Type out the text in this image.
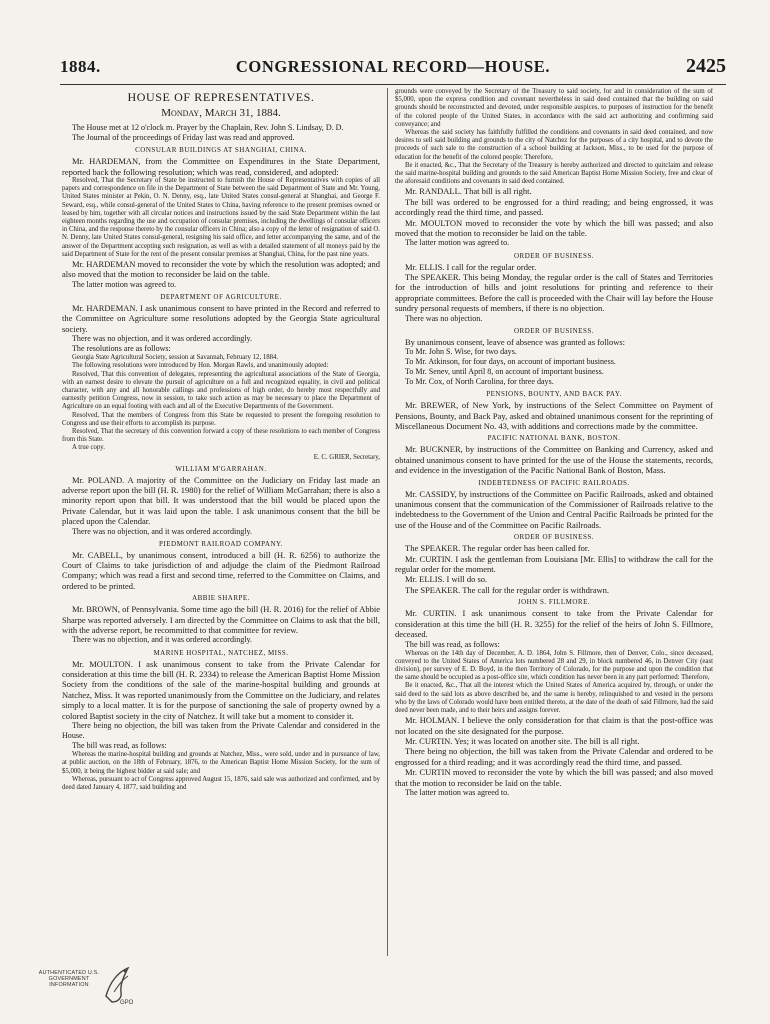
1884.	CONGRESSIONAL RECORD—HOUSE.	2425
HOUSE OF REPRESENTATIVES.
Monday, March 31, 1884.

The House met at 12 o'clock m. Prayer by the Chaplain, Rev. John S. Lindsay, D. D.

The Journal of the proceedings of Friday last was read and approved.

CONSULAR BUILDINGS AT SHANGHAI, CHINA.

Mr. HARDEMAN, from the Committee on Expenditures in the State Department, reported back the following resolution; which was read, considered, and adopted:

Resolved, That the Secretary of State be instructed to furnish the House of Representatives with copies of all papers and correspondence on file in the Department of State between the said Department of State and Mr. Young, United States minister at Pekin, O. N. Denny, esq., late United States consul-general at Shanghai, and George F. Seward, esq., while consul-general of the United States to China, having reference to the present premises owned or leased by him, together with all circular notices and instructions issued by the said State Department within the last eighteen months regarding the use and occupation of consular premises, including the dwellings of consular officers in China, and the response thereto by the consular officers in China; also a copy of the letter of resignation of said O. N. Denny, late United States consul-general, resigning his said office, and letter accompanying the same, and of the answer of the Department accepting such resignation, as well as with a detailed statement of all moneys paid by the said Department of State for the rent of the present consular premises at Shanghai, China, for the past nine years.

Mr. HARDEMAN moved to reconsider the vote by which the resolution was adopted; and also moved that the motion to reconsider be laid on the table.

The latter motion was agreed to.

DEPARTMENT OF AGRICULTURE.

Mr. HARDEMAN. I ask unanimous consent to have printed in the Record and referred to the Committee on Agriculture some resolutions adopted by the Georgia State agricultural society.

There was no objection, and it was ordered accordingly.

The resolutions are as follows:

Georgia State Agricultural Society, session at Savannah, February 12, 1884.

The following resolutions were introduced by Hon. Morgan Rawls, and unanimously adopted:

Resolved, That this convention of delegates, representing the agricultural associations of the State of Georgia, with an earnest desire to elevate the pursuit of agriculture on a full and recognized equality, in civil and political character, with any and all honorable callings and professions of high order, do hereby most respectfully and earnestly petition Congress, now in session, to take such action as may be necessary to place the Department of Agriculture on an equal footing with each and all of the Executive Departments of the Government.

Resolved, That the members of Congress from this State be requested to present the foregoing resolution to Congress and use their efforts to accomplish its purpose.

Resolved, That the secretary of this convention forward a copy of these resolutions to each member of Congress from this State.

A true copy.

E. C. GRIER, Secretary,
WILLIAM M'GARRAHAN.

Mr. POLAND. A majority of the Committee on the Judiciary on Friday last made an adverse report upon the bill (H. R. 1980) for the relief of William McGarrahan; there is also a minority report upon that bill. It was understood that the bill would be placed upon the Private Calendar, but it was laid upon the table. I ask unanimous consent that the bill be placed upon the Calendar.

There was no objection, and it was ordered accordingly.

PIEDMONT RAILROAD COMPANY.

Mr. CABELL, by unanimous consent, introduced a bill (H. R. 6256) to authorize the Court of Claims to take jurisdiction of and adjudge the claim of the Piedmont Railroad Company; which was read a first and second time, referred to the Committee on Claims, and ordered to be printed.

ABBIE SHARPE.

Mr. BROWN, of Pennsylvania. Some time ago the bill (H. R. 2016) for the relief of Abbie Sharpe was reported adversely. I am directed by the Committee on Claims to ask that the bill, with the adverse report, be recommitted to that committee for review.

There was no objection, and it was ordered accordingly.

MARINE HOSPITAL, NATCHEZ, MISS.

Mr. MOULTON. I ask unanimous consent to take from the Private Calendar for consideration at this time the bill (H. R. 2334) to release the American Baptist Home Mission Society from the conditions of the sale of the marine-hospital building and grounds at Natchez, Miss. It was reported unanimously from the Committee on the Judiciary, and relates simply to a local matter. It is for the purpose of sanctioning the sale of property owned by a colored Baptist society in the city of Natchez. It will take but a moment to consider it.

There being no objection, the bill was taken from the Private Calendar and considered in the House.

The bill was read, as follows:

Whereas the marine-hospital building and grounds at Natchez, Miss., were sold, under and in pursuance of law, at public auction, on the 18th of February, 1876, to the American Baptist Home Mission Society, for the sum of $5,000, it being the highest bidder at said sale; and

Whereas, pursuant to act of Congress approved August 15, 1876, said sale was authorized and confirmed, and by deed dated January 4, 1877, said building and

grounds were conveyed by the Secretary of the Treasury to said society, for and in consideration of the sum of $5,000, upon the express condition and covenant nevertheless in said deed contained that the building on said grounds should be reconstructed and devoted, under responsible auspices, to purposes of instruction for the benefit of the colored people of the United States, in accordance with the said act authorizing and confirming said conveyance; and

Whereas the said society has faithfully fulfilled the conditions and covenants in said deed contained, and now desires to sell said building and grounds to the city of Natchez for the purposes of a city hospital, and to devote the proceeds of such sale to the construction of a school building at Jackson, Miss., to be used for the purpose of education for the benefit of the colored people: Therefore,

Be it enacted, &c., That the Secretary of the Treasury is hereby authorized and directed to quitclaim and release the said marine-hospital building and grounds to the said American Baptist Home Mission Society, free and clear of the aforesaid conditions and covenants in said deed contained.

Mr. RANDALL. That bill is all right.

The bill was ordered to be engrossed for a third reading; and being engrossed, it was accordingly read the third time, and passed.

Mr. MOULTON moved to reconsider the vote by which the bill was passed; and also moved that the motion to reconsider be laid on the table.

The latter motion was agreed to.

ORDER OF BUSINESS.

Mr. ELLIS. I call for the regular order.

The SPEAKER. This being Monday, the regular order is the call of States and Territories for the introduction of bills and joint resolutions for printing and reference to their appropriate committees. Before the call is proceeded with the Chair will lay before the House sundry personal requests of members, if there is no objection.

There was no objection.

ORDER OF BUSINESS.

By unanimous consent, leave of absence was granted as follows:

To Mr. John S. Wise, for two days.

To Mr. Atkinson, for four days, on account of important business.

To Mr. Senev, until April 8, on account of important business.

To Mr. Cox, of North Carolina, for three days.

PENSIONS, BOUNTY, AND BACK PAY.

Mr. BREWER, of New York, by instructions of the Select Committee on Payment of Pensions, Bounty, and Back Pay, asked and obtained unanimous consent for the reprinting of Miscellaneous Document No. 43, with additions and corrections made by the committee.

PACIFIC NATIONAL BANK, BOSTON.

Mr. BUCKNER, by instructions of the Committee on Banking and Currency, asked and obtained unanimous consent to have printed for the use of the House the statements, records, and evidence in the investigation of the Pacific National Bank of Boston, Mass.

INDEBTEDNESS OF PACIFIC RAILROADS.

Mr. CASSIDY, by instructions of the Committee on Pacific Railroads, asked and obtained unanimous consent that the communication of the Commissioner of Railroads relative to the indebtedness to the Government of the Union and Central Pacific Railroads be printed for the use of the House and of the Committee on Pacific Railroads.

ORDER OF BUSINESS.

The SPEAKER. The regular order has been called for.

Mr. CURTIN. I ask the gentleman from Louisiana [Mr. Ellis] to withdraw the call for the regular order for the moment.

Mr. ELLIS. I will do so.

The SPEAKER. The call for the regular order is withdrawn.

JOHN S. FILLMORE.

Mr. CURTIN. I ask unanimous consent to take from the Private Calendar for consideration at this time the bill (H. R. 3255) for the relief of the heirs of John S. Fillmore, deceased.

The bill was read, as follows:

Whereas on the 14th day of December, A. D. 1864, John S. Fillmore, then of Denver, Colo., since deceased, conveyed to the United States of America lots numbered 28 and 29, in block numbered 46, in Denver City (east division), per survey of E. D. Boyd, in the then Territory of Colorado, for the purpose and upon the condition that the same should be occupied as a post-office site, which condition has never been in any part performed: Therefore,

Be it enacted, &c., That all the interest which the United States of America acquired by, through, or under the said deed to the said lots as above described be, and the same is hereby, relinquished to and vested in the persons who by the laws of Colorado would have been entitled thereto, at the date of the death of said Fillmore, had the said deed never been made, and to their heirs and assigns forever.

Mr. HOLMAN. I believe the only consideration for that claim is that the post-office was not located on the site designated for the purpose.

Mr. CURTIN. Yes; it was located on another site. The bill is all right.

There being no objection, the bill was taken from the Private Calendar and ordered to be engrossed for a third reading; and it was accordingly read the third time, and passed.

Mr. CURTIN moved to reconsider the vote by which the bill was passed; and also moved that the motion to reconsider be laid on the table.

The latter motion was agreed to.

AUTHENTICATED U.S. GOVERNMENT INFORMATION
GPO
